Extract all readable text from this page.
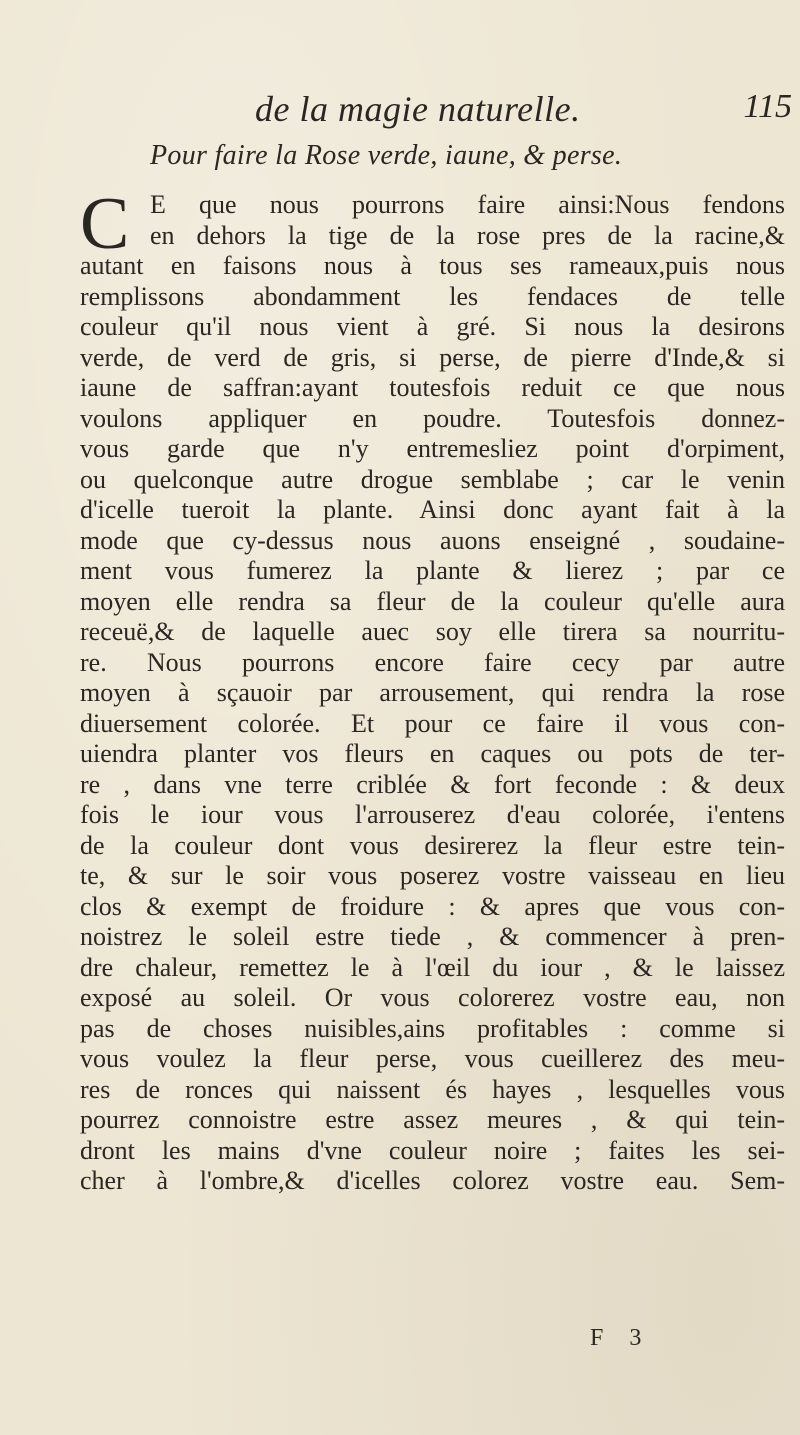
de la magie naturelle.	115
Pour faire la Rose verde, iaune, & perse.
C E que nous pourrons faire ainsi:Nous fendons
en dehors la tige de la rose pres de la racine,&
autant en faisons nous à tous ses rameaux,puis nous
remplissons abondamment les fendaces de telle
couleur qu'il nous vient à gré. Si nous la desirons
verde, de verd de gris, si perse, de pierre d'Inde,& si
iaune de saffran:ayant toutesfois reduit ce que nous
voulons appliquer en poudre. Toutesfois donnez-
vous garde que n'y entremesliez point d'orpiment,
ou quelconque autre drogue semblabe ; car le venin
d'icelle tueroit la plante. Ainsi donc ayant fait à la
mode que cy-dessus nous auons enseigné , soudaine-
ment vous fumerez la plante & lierez ; par ce
moyen elle rendra sa fleur de la couleur qu'elle aura
receuë,& de laquelle auec soy elle tirera sa nourritu-
re. Nous pourrons encore faire cecy par autre
moyen à sçauoir par arrousement, qui rendra la rose
diuersement colorée. Et pour ce faire il vous con-
uiendra planter vos fleurs en caques ou pots de ter-
re , dans vne terre criblée & fort feconde : & deux
fois le iour vous l'arrouserez d'eau colorée, i'entens
de la couleur dont vous desirerez la fleur estre tein-
te, & sur le soir vous poserez vostre vaisseau en lieu
clos & exempt de froidure : & apres que vous con-
noistrez le soleil estre tiede , & commencer à pren-
dre chaleur, remettez le à l'œil du iour , & le laissez
exposé au soleil. Or vous colorerez vostre eau, non
pas de choses nuisibles,ains profitables : comme si
vous voulez la fleur perse, vous cueillerez des meu-
res de ronces qui naissent és hayes , lesquelles vous
pourrez connoistre estre assez meures , & qui tein-
dront les mains d'vne couleur noire ; faites les sei-
cher à l'ombre,& d'icelles colorez vostre eau. Sem-
F 3
